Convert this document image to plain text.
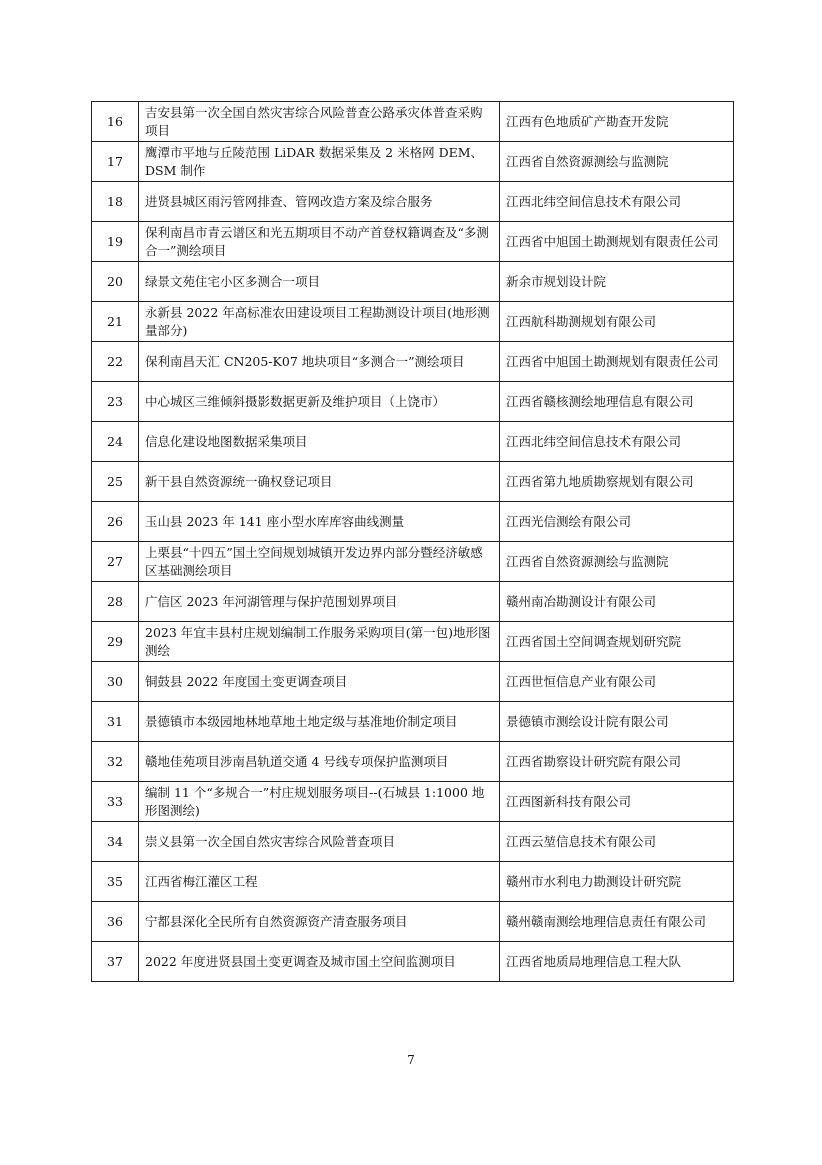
16	吉安县第一次全国自然灾害综合风险普查公路承灾体普查采购项目	江西有色地质矿产勘查开发院
17	鹰潭市平地与丘陵范围 LiDAR 数据采集及 2 米格网 DEM、DSM 制作	江西省自然资源测绘与监测院
18	进贤县城区雨污管网排查、管网改造方案及综合服务	江西北纬空间信息技术有限公司
19	保利南昌市青云谱区和光五期项目不动产首登权籍调查及“多测合一”测绘项目	江西省中旭国土勘测规划有限责任公司
20	绿景文苑住宅小区多测合一项目	新余市规划设计院
21	永新县 2022 年高标准农田建设项目工程勘测设计项目(地形测量部分)	江西航科勘测规划有限公司
22	保利南昌天汇 CN205-K07 地块项目“多测合一”测绘项目	江西省中旭国土勘测规划有限责任公司
23	中心城区三维倾斜摄影数据更新及维护项目（上饶市）	江西省赣核测绘地理信息有限公司
24	信息化建设地图数据采集项目	江西北纬空间信息技术有限公司
25	新干县自然资源统一确权登记项目	江西省第九地质勘察规划有限公司
26	玉山县 2023 年 141 座小型水库库容曲线测量	江西光信测绘有限公司
27	上栗县“十四五”国土空间规划城镇开发边界内部分暨经济敏感区基础测绘项目	江西省自然资源测绘与监测院
28	广信区 2023 年河湖管理与保护范围划界项目	赣州南冶勘测设计有限公司
29	2023 年宜丰县村庄规划编制工作服务采购项目(第一包)地形图测绘	江西省国土空间调查规划研究院
30	铜鼓县 2022 年度国土变更调查项目	江西世恒信息产业有限公司
31	景德镇市本级园地林地草地土地定级与基准地价制定项目	景德镇市测绘设计院有限公司
32	赣地佳苑项目涉南昌轨道交通 4 号线专项保护监测项目	江西省勘察设计研究院有限公司
33	编制 11 个“多规合一”村庄规划服务项目--(石城县 1:1000 地形图测绘)	江西图新科技有限公司
34	崇义县第一次全国自然灾害综合风险普查项目	江西云堃信息技术有限公司
35	江西省梅江灌区工程	赣州市水利电力勘测设计研究院
36	宁都县深化全民所有自然资源资产清查服务项目	赣州赣南测绘地理信息责任有限公司
37	2022 年度进贤县国土变更调查及城市国土空间监测项目	江西省地质局地理信息工程大队
7
